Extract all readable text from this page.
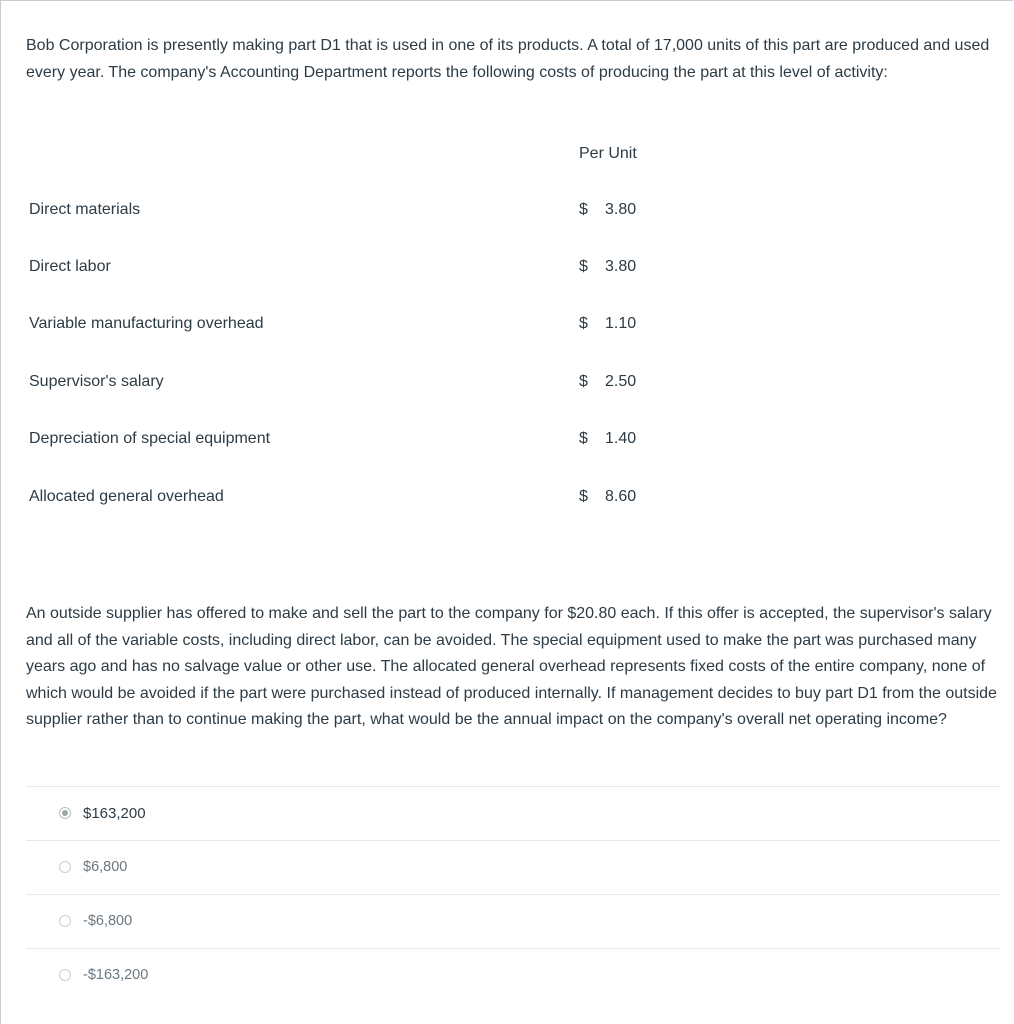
Bob Corporation is presently making part D1 that is used in one of its products. A total of 17,000 units of this part are produced and used every year. The company's Accounting Department reports the following costs of producing the part at this level of activity:

Per Unit
Direct materials	$ 3.80
Direct labor	$ 3.80
Variable manufacturing overhead	$ 1.10
Supervisor's salary	$ 2.50
Depreciation of special equipment	$ 1.40
Allocated general overhead	$ 8.60

An outside supplier has offered to make and sell the part to the company for $20.80 each. If this offer is accepted, the supervisor's salary and all of the variable costs, including direct labor, can be avoided. The special equipment used to make the part was purchased many years ago and has no salvage value or other use. The allocated general overhead represents fixed costs of the entire company, none of which would be avoided if the part were purchased instead of produced internally. If management decides to buy part D1 from the outside supplier rather than to continue making the part, what would be the annual impact on the company's overall net operating income?

$163,200
$6,800
-$6,800
-$163,200
